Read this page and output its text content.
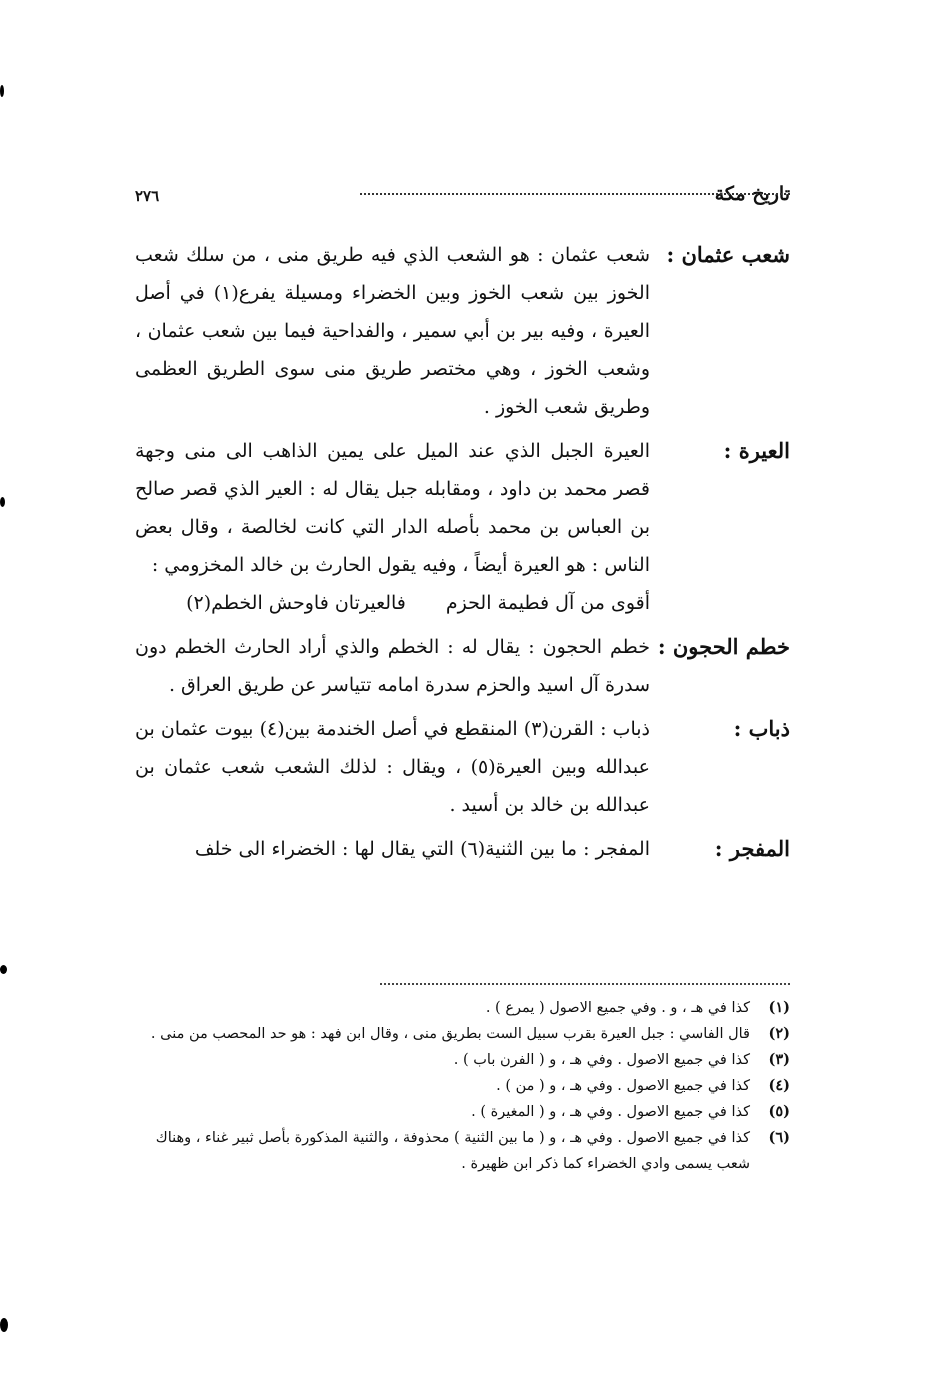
تاريخ مكة
٢٧٦
شعب عثمان :

شعب عثمان : هو الشعب الذي فيه طريق منى ، من سلك شعب الخوز بين شعب الخوز وبين الخضراء ومسيلة يفرع(١) في أصل العيرة ، وفيه بير بن أبي سمير ، والفداحية فيما بين شعب عثمان ، وشعب الخوز ، وهي مختصر طريق منى سوى الطريق العظمى وطريق شعب الخوز .

العيرة :

العيرة الجبل الذي عند الميل على يمين الذاهب الى منى وجهة قصر محمد بن داود ، ومقابله جبل يقال له : العير الذي قصر صالح بن العباس بن محمد بأصله الدار التي كانت لخالصة ، وقال بعض الناس : هو العيرة أيضاً ، وفيه يقول الحارث بن خالد المخزومي :

أقوى من آل فطيمة الحزم
فالعيرتان فاوحش الخطم(٢)
خطم الحجون :

خطم الحجون : يقال له : الخطم والذي أراد الحارث الخطم دون سدرة آل اسيد والحزم سدرة امامه تتياسر عن طريق العراق .

ذباب :

ذباب : القرن(٣) المنقطع في أصل الخندمة بين(٤) بيوت عثمان بن عبدالله وبين العيرة(٥) ، ويقال : لذلك الشعب شعب عثمان بن عبدالله بن خالد بن أسيد .

المفجر :

المفجر : ما بين الثنية(٦) التي يقال لها : الخضراء الى خلف

(١)
كذا في هـ ، و . وفي جميع الاصول ( يمرع ) .
(٢)
قال الفاسي : جبل العيرة بقرب سبيل الست بطريق منى ، وقال ابن فهد : هو حد المحصب من منى .
(٣)
كذا في جميع الاصول . وفي هـ ، و ( الفرن باب ) .
(٤)
كذا في جميع الاصول . وفي هـ ، و ( من ) .
(٥)
كذا في جميع الاصول . وفي هـ ، و ( المغيرة ) .
(٦)
كذا في جميع الاصول . وفي هـ ، و ( ما بين الثنية ) محذوفة ، والثنية المذكورة بأصل ثبير غناء ، وهناك شعب يسمى وادي الخضراء كما ذكر ابن ظهيرة .
